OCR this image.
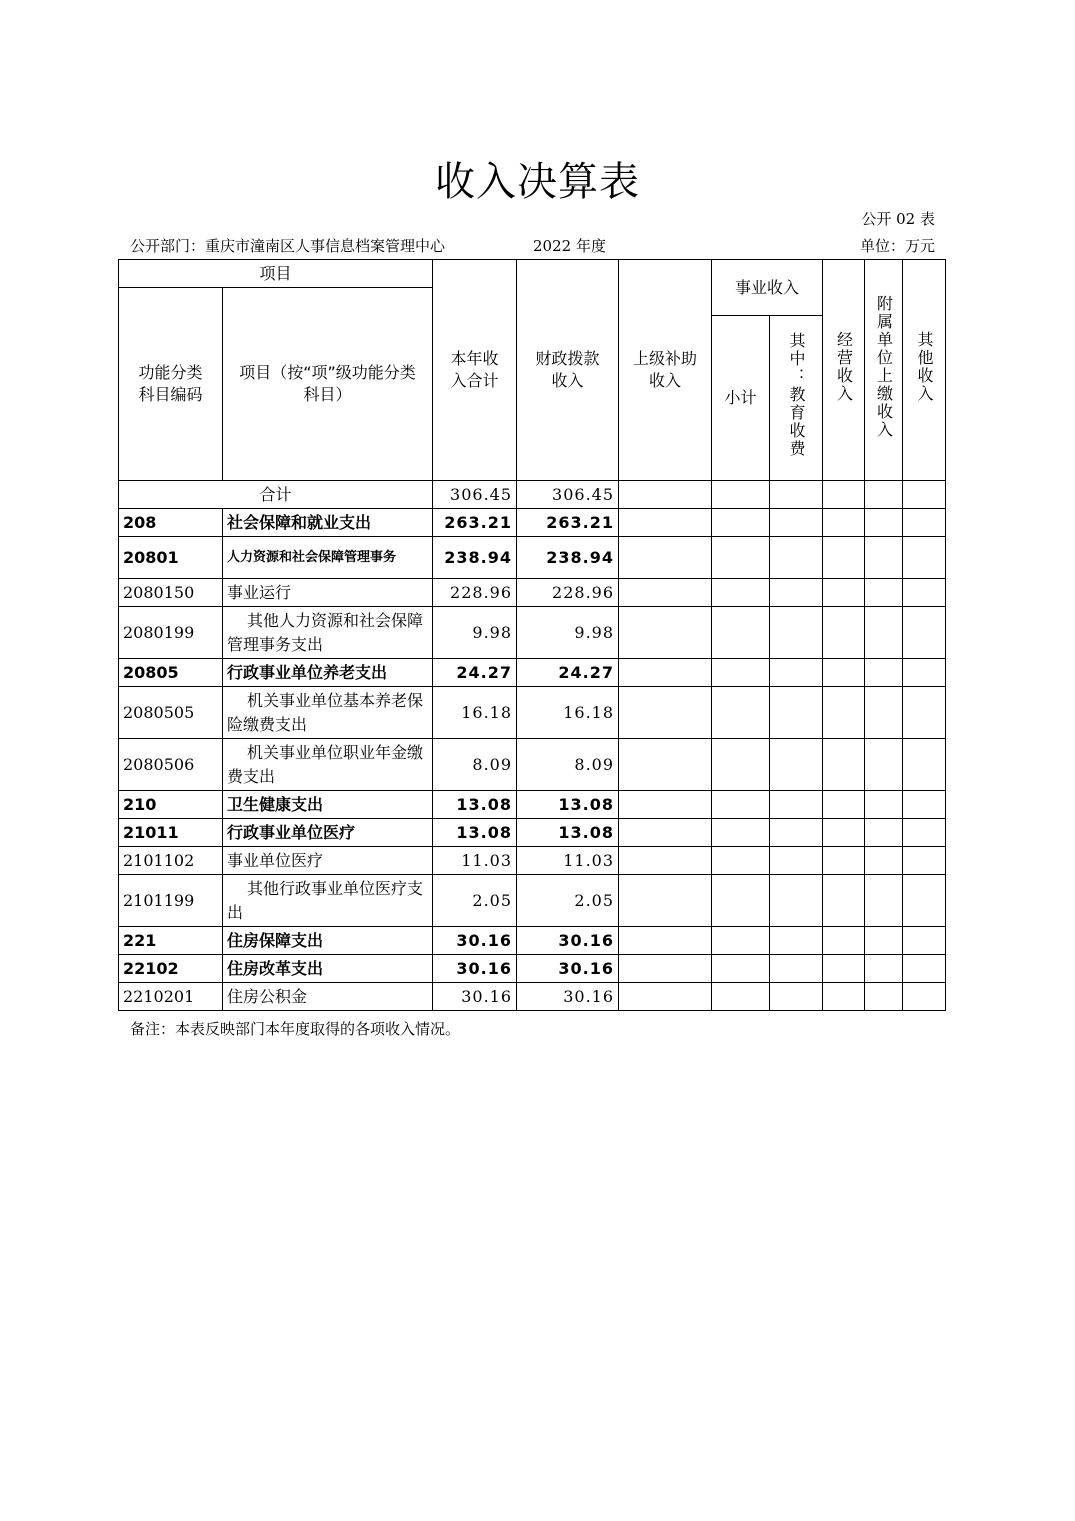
收入决算表
公开 02 表
公开部门：重庆市潼南区人事信息档案管理中心	2022 年度	单位：万元
项目		本年收入合计	财政拨款收入	上级补助收入	事业收入		经营收入	附属单位上缴收入	其他收入
功能分类科目编码	项目（按“项”级功能分类科目）								
					小计	其中：教育收费			
合计		306.45	306.45						
208	社会保障和就业支出	263.21	263.21						
20801	人力资源和社会保障管理事务	238.94	238.94						
2080150	事业运行	228.96	228.96						
2080199	其他人力资源和社会保障管理事务支出	9.98	9.98						
20805	行政事业单位养老支出	24.27	24.27						
2080505	机关事业单位基本养老保险缴费支出	16.18	16.18						
2080506	机关事业单位职业年金缴费支出	8.09	8.09						
210	卫生健康支出	13.08	13.08						
21011	行政事业单位医疗	13.08	13.08						
2101102	事业单位医疗	11.03	11.03						
2101199	其他行政事业单位医疗支出	2.05	2.05						
221	住房保障支出	30.16	30.16						
22102	住房改革支出	30.16	30.16						
2210201	住房公积金	30.16	30.16						
备注：本表反映部门本年度取得的各项收入情况。
